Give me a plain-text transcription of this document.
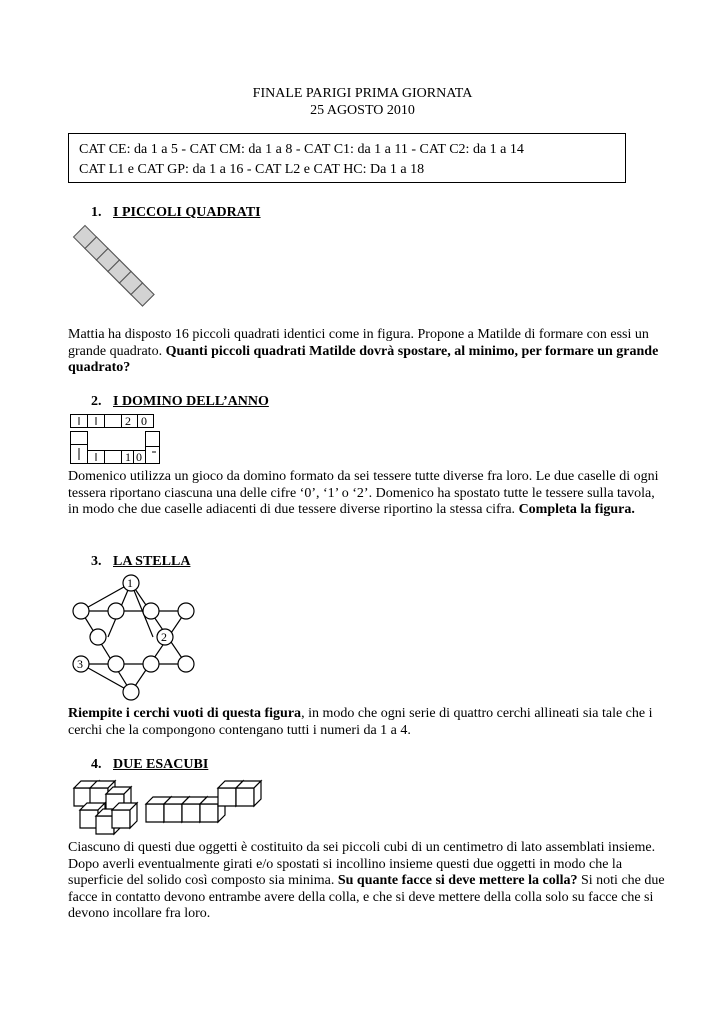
FINALE PARIGI PRIMA GIORNATA
25 AGOSTO 2010
CAT CE: da 1 a 5 - CAT CM: da 1 a 8 - CAT C1: da 1 a 11 - CAT C2: da 1 a 14
CAT L1 e CAT GP: da 1 a 16 - CAT L2 e CAT HC: Da 1 a 18
1. I PICCOLI QUADRATI
Mattia ha disposto 16 piccoli quadrati identici come in figura. Propone a Matilde di formare con essi un grande quadrato. Quanti piccoli quadrati Matilde dovrà spostare, al minimo, per formare un grande quadrato?
2. I DOMINO DELL’ANNO
2 0
1 0
Domenico utilizza un gioco da domino formato da sei tessere tutte diverse fra loro. Le due caselle di ogni tessera riportano ciascuna una delle cifre ‘0’, ‘1’ o ‘2’. Domenico ha spostato tutte le tessere sulla tavola, in modo che due caselle adiacenti di due tessere diverse riportino la stessa cifra. Completa la figura.
3. LA STELLA
1
2
3
Riempite i cerchi vuoti di questa figura, in modo che ogni serie di quattro cerchi allineati sia tale che i cerchi che la compongono contengano tutti i numeri da 1 a 4.
4. DUE ESACUBI
Ciascuno di questi due oggetti è costituito da sei piccoli cubi di un centimetro di lato assemblati insieme. Dopo averli eventualmente girati e/o spostati si incollino insieme questi due oggetti in modo che la superficie del solido così composto sia minima. Su quante facce si deve mettere la colla? Si noti che due facce in contatto devono entrambe avere della colla, e che si deve mettere della colla solo su facce che si devono incollare fra loro.
